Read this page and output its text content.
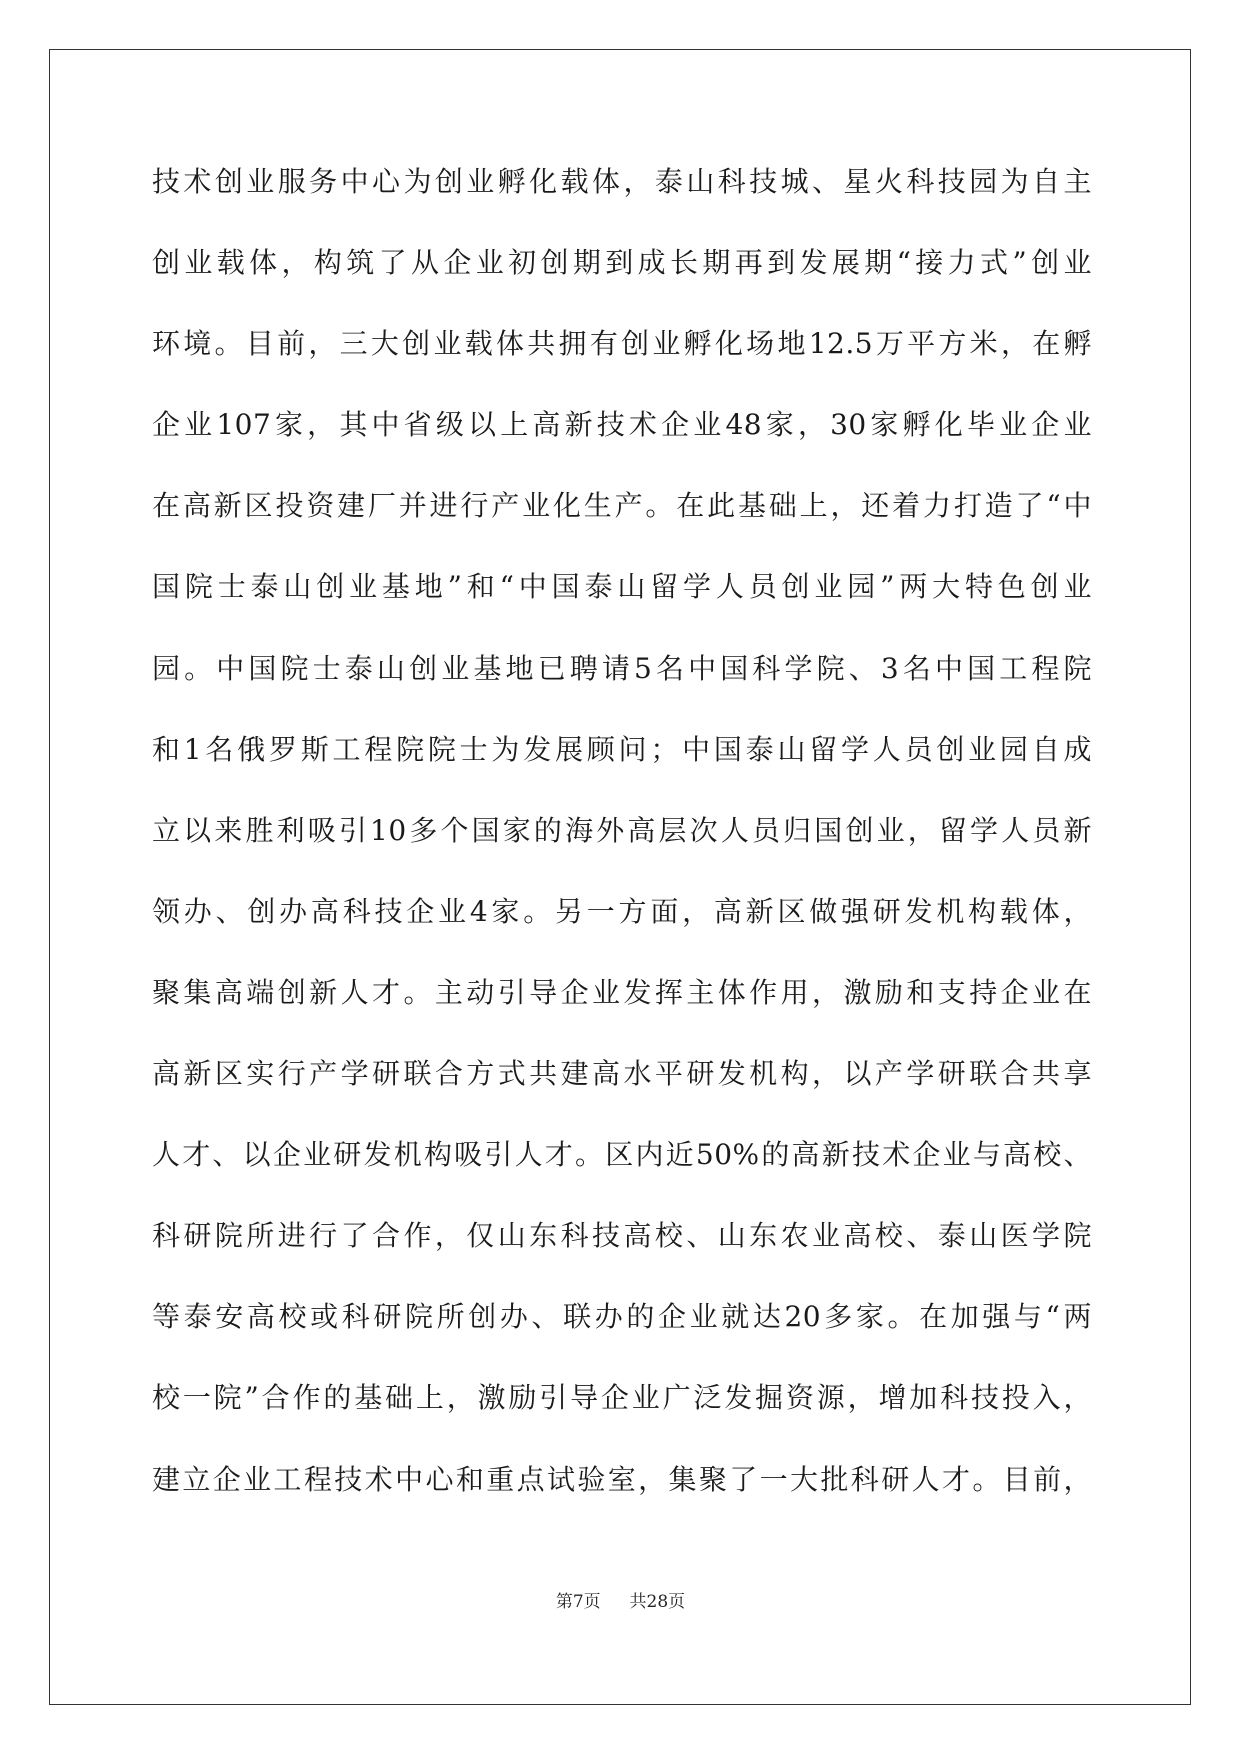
技术创业服务中心为创业孵化载体，泰山科技城、星火科技园为自主
创业载体，构筑了从企业初创期到成长期再到发展期“接力式”创业
环境。目前，三大创业载体共拥有创业孵化场地12.5万平方米，在孵
企业107家，其中省级以上高新技术企业48家，30家孵化毕业企业
在高新区投资建厂并进行产业化生产。在此基础上，还着力打造了“中
国院士泰山创业基地”和“中国泰山留学人员创业园”两大特色创业
园。中国院士泰山创业基地已聘请5名中国科学院、3名中国工程院
和1名俄罗斯工程院院士为发展顾问；中国泰山留学人员创业园自成
立以来胜利吸引10多个国家的海外高层次人员归国创业，留学人员新
领办、创办高科技企业4家。另一方面，高新区做强研发机构载体，
聚集高端创新人才。主动引导企业发挥主体作用，激励和支持企业在
高新区实行产学研联合方式共建高水平研发机构，以产学研联合共享
人才、以企业研发机构吸引人才。区内近50%的高新技术企业与高校、
科研院所进行了合作，仅山东科技高校、山东农业高校、泰山医学院
等泰安高校或科研院所创办、联办的企业就达20多家。在加强与“两
校一院”合作的基础上，激励引导企业广泛发掘资源，增加科技投入，
建立企业工程技术中心和重点试验室，集聚了一大批科研人才。目前，
第7页 共28页
